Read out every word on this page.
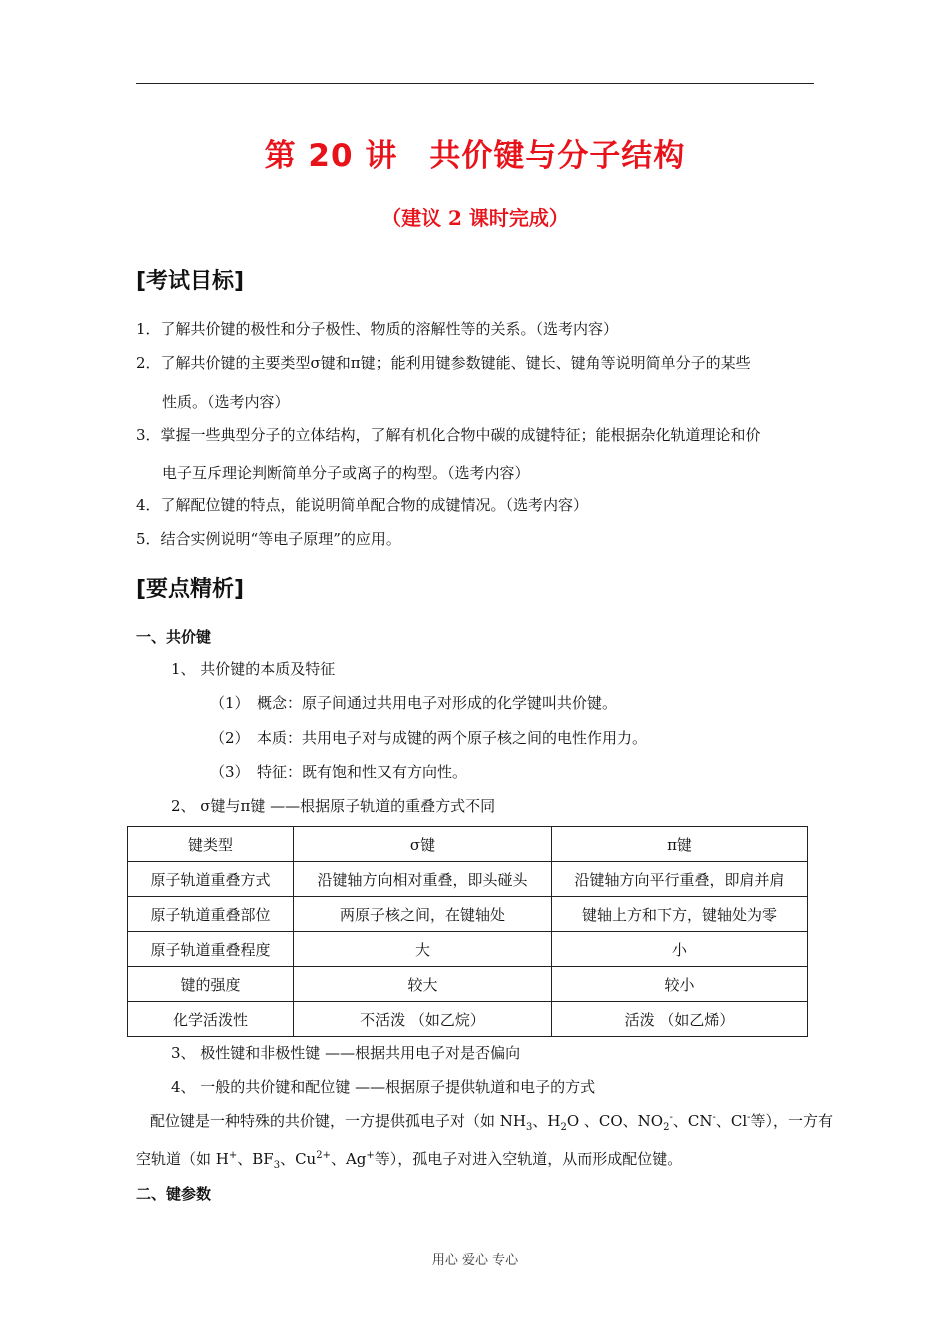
第 20 讲　共价键与分子结构
（建议 2 课时完成）
[考试目标]
1．了解共价键的极性和分子极性、物质的溶解性等的关系。（选考内容）
2．了解共价键的主要类型σ键和π键；能利用键参数键能、键长、键角等说明简单分子的某些
性质。（选考内容）
3．掌握一些典型分子的立体结构，了解有机化合物中碳的成键特征；能根据杂化轨道理论和价
电子互斥理论判断简单分子或离子的构型。（选考内容）
4．了解配位键的特点，能说明简单配合物的成键情况。（选考内容）
5．结合实例说明“等电子原理”的应用。
[要点精析]
一、共价键
1、 共价键的本质及特征
（1）　概念：原子间通过共用电子对形成的化学键叫共价键。
（2）　本质：共用电子对与成键的两个原子核之间的电性作用力。
（3）　特征：既有饱和性又有方向性。
2、 σ键与π键 ——根据原子轨道的重叠方式不同
键类型	σ键	π键
原子轨道重叠方式	沿键轴方向相对重叠，即头碰头	沿键轴方向平行重叠，即肩并肩
原子轨道重叠部位	两原子核之间，在键轴处	键轴上方和下方，键轴处为零
原子轨道重叠程度	大	小
键的强度	较大	较小
化学活泼性	不活泼 （如乙烷）	活泼 （如乙烯）
3、 极性键和非极性键 ——根据共用电子对是否偏向
4、 一般的共价键和配位键 ——根据原子提供轨道和电子的方式
配位键是一种特殊的共价键，一方提供孤电子对（如 $NH_3$、$H_2O$ 、CO、$NO_2^-$、CN-、Cl-等），一方有
空轨道（如 H+、$BF_3$、$Cu^{2+}$、Ag+等），孤电子对进入空轨道，从而形成配位键。
二、键参数
用心 爱心 专心
